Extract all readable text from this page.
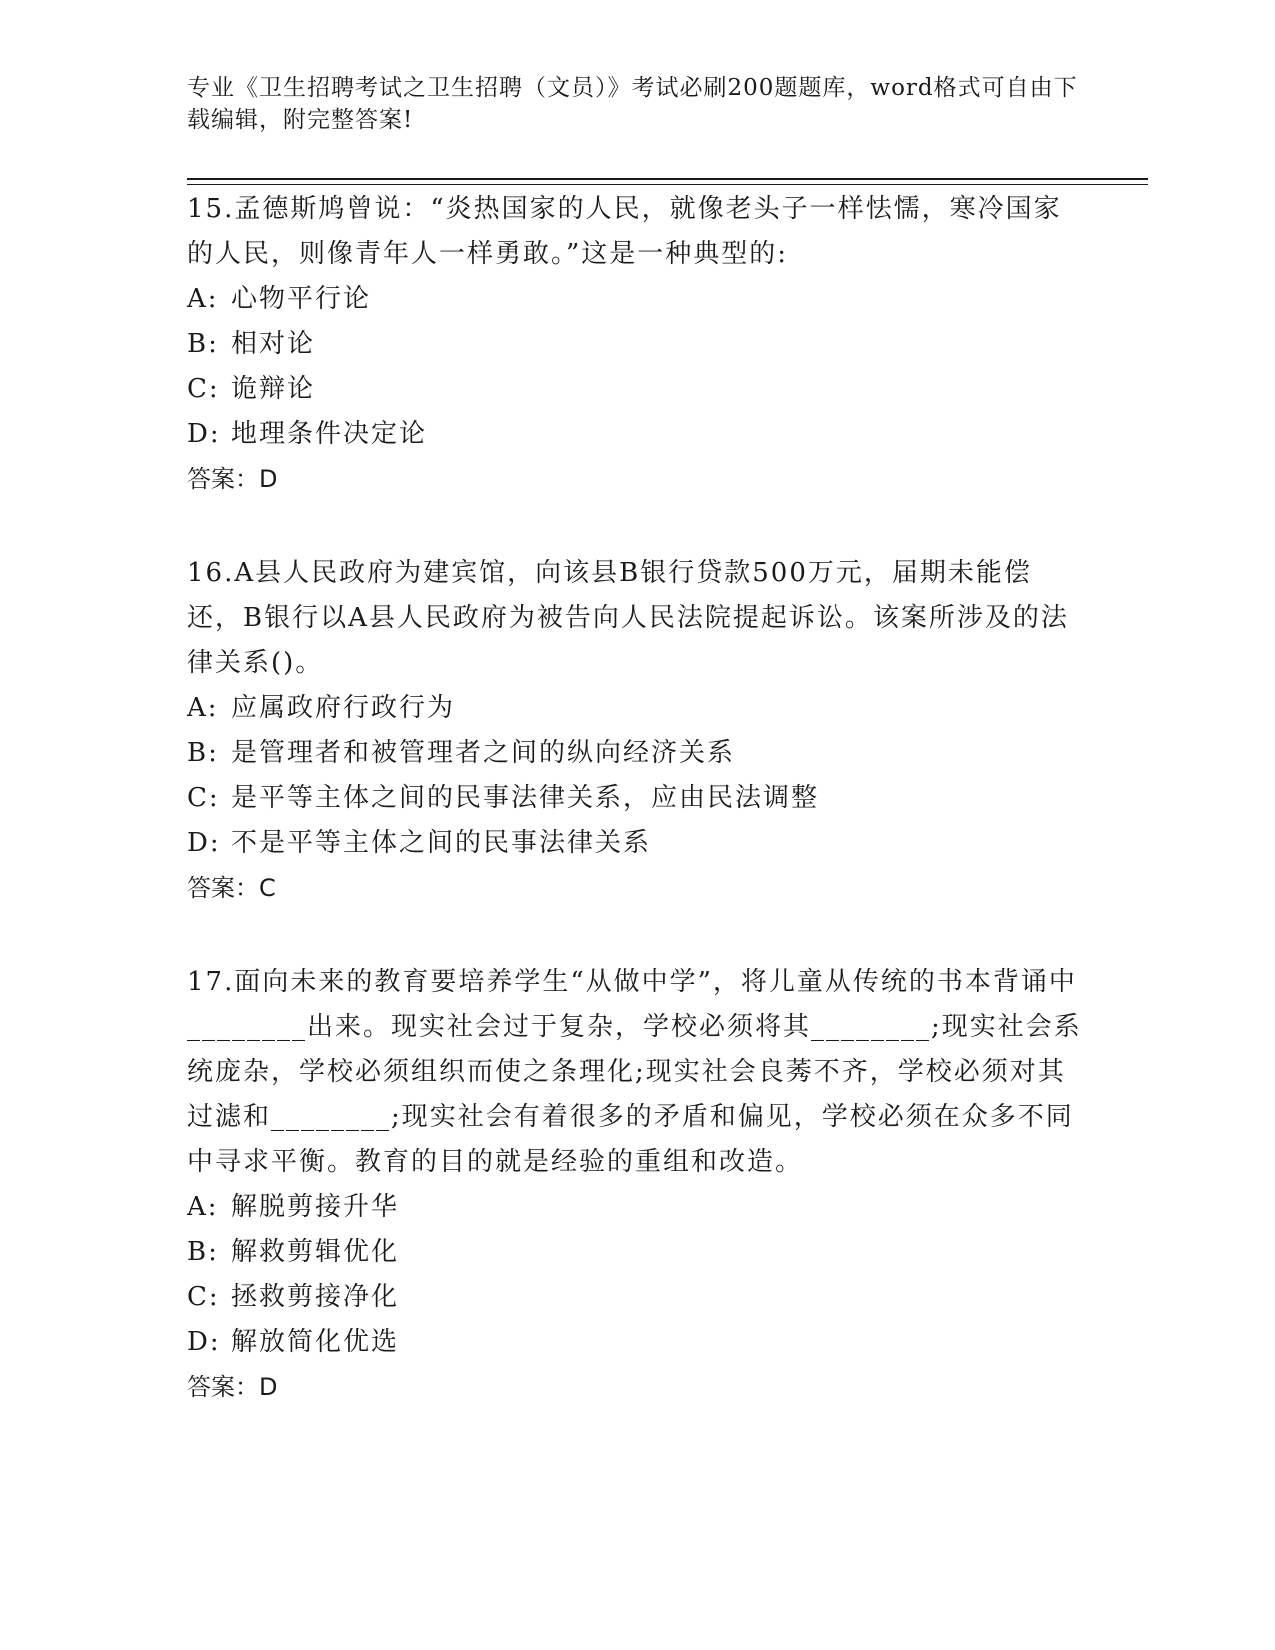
专业《卫生招聘考试之卫生招聘（文员）》考试必刷200题题库，word格式可自由下载编辑，附完整答案!

15.孟德斯鸠曾说：“炎热国家的人民，就像老头子一样怯懦，寒冷国家的人民，则像青年人一样勇敢。”这是一种典型的:

A: 心物平行论

B: 相对论

C: 诡辩论

D: 地理条件决定论

答案：D

16.A县人民政府为建宾馆，向该县B银行贷款500万元，届期未能偿还，B银行以A县人民政府为被告向人民法院提起诉讼。该案所涉及的法律关系()。

A: 应属政府行政行为

B: 是管理者和被管理者之间的纵向经济关系

C: 是平等主体之间的民事法律关系，应由民法调整

D: 不是平等主体之间的民事法律关系

答案：C

17.面向未来的教育要培养学生“从做中学”，将儿童从传统的书本背诵中________出来。现实社会过于复杂，学校必须将其________;现实社会系统庞杂，学校必须组织而使之条理化;现实社会良莠不齐，学校必须对其过滤和________;现实社会有着很多的矛盾和偏见，学校必须在众多不同中寻求平衡。教育的目的就是经验的重组和改造。

A: 解脱剪接升华

B: 解救剪辑优化

C: 拯救剪接净化

D: 解放简化优选

答案：D
